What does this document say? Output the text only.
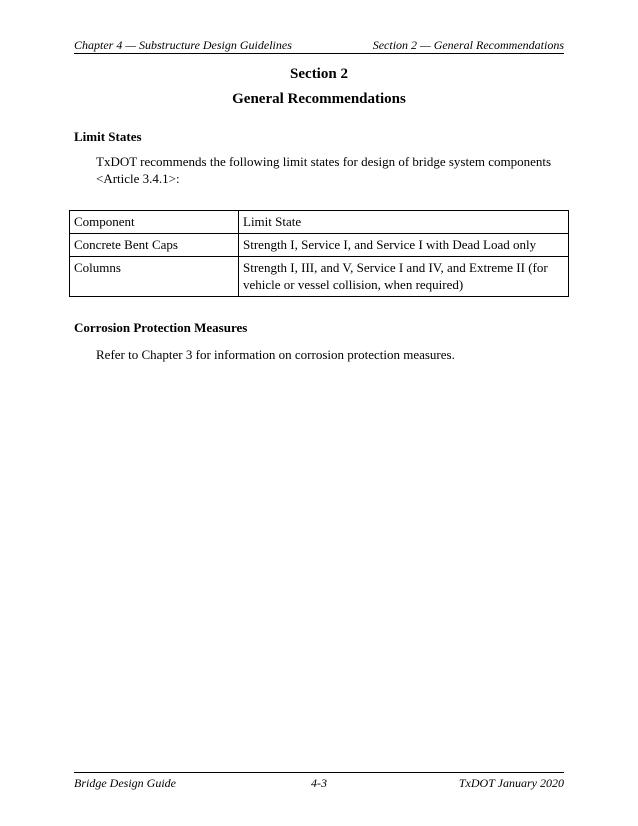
Chapter 4 — Substructure Design Guidelines	Section 2 — General Recommendations
Section 2
General Recommendations
Limit States
TxDOT recommends the following limit states for design of bridge system components
<Article 3.4.1>:
Component	Limit State
Concrete Bent Caps	Strength I, Service I, and Service I with Dead Load only
Columns	Strength I, III, and V, Service I and IV, and Extreme II (for
vehicle or vessel collision, when required)
Corrosion Protection Measures
Refer to Chapter 3 for information on corrosion protection measures.
Bridge Design Guide	4-3	TxDOT January 2020
